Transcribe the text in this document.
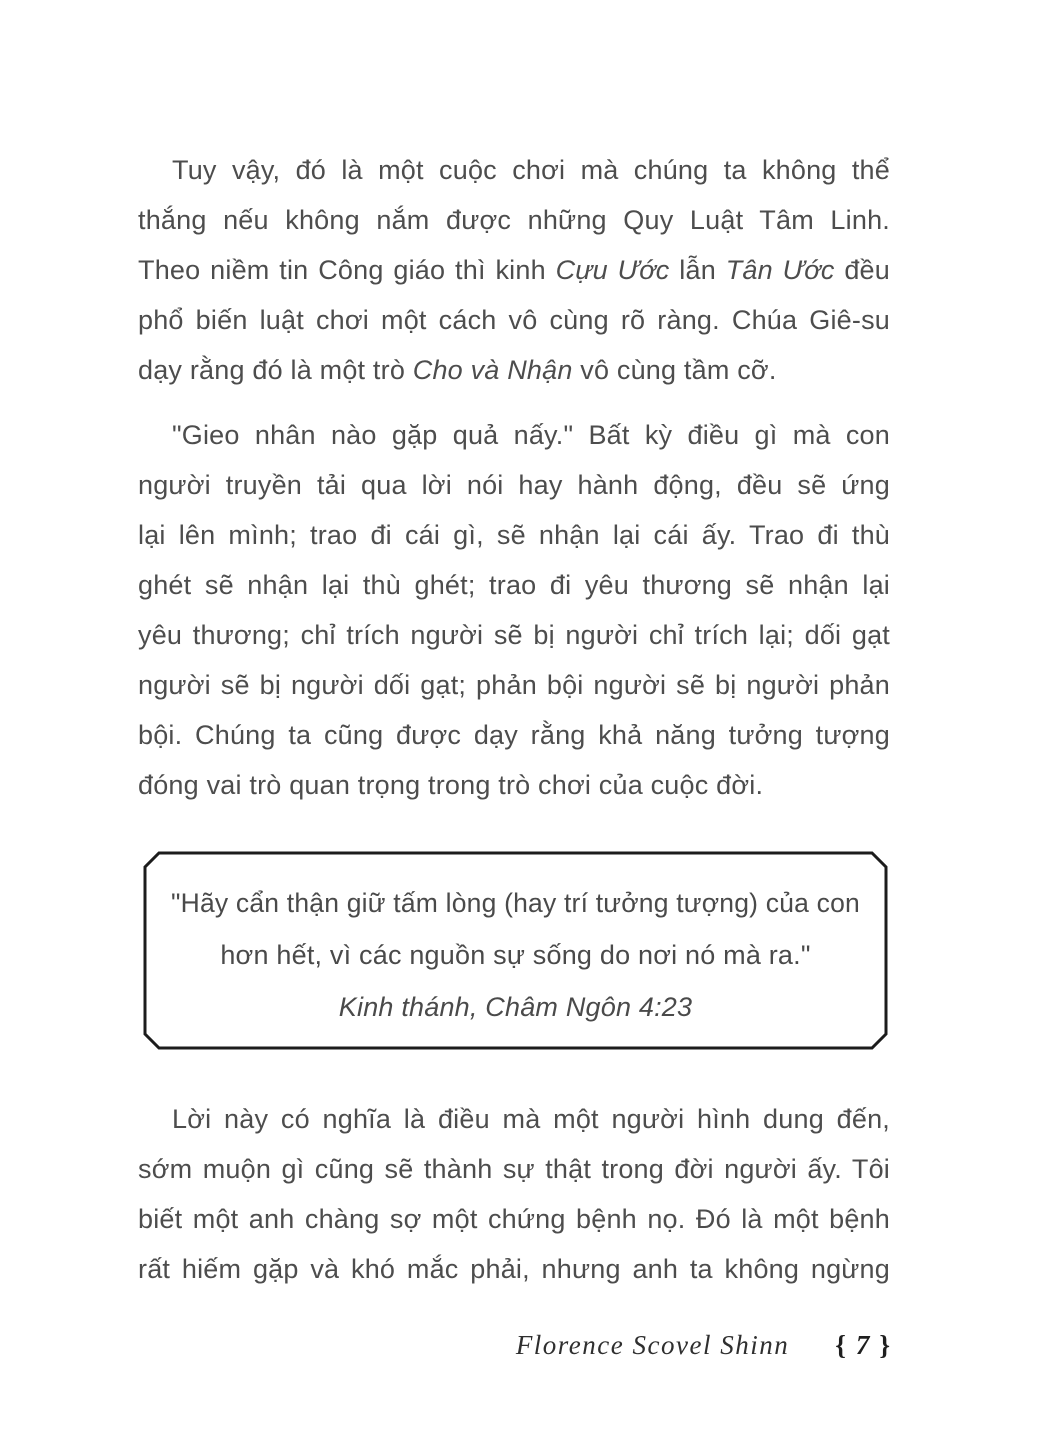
Tuy vậy, đó là một cuộc chơi mà chúng ta không thể
thắng nếu không nắm được những Quy Luật Tâm Linh.
Theo niềm tin Công giáo thì kinh Cựu Ước lẫn Tân Ước đều
phổ biến luật chơi một cách vô cùng rõ ràng. Chúa Giê-su
dạy rằng đó là một trò Cho và Nhận vô cùng tầm cỡ.
"Gieo nhân nào gặp quả nấy." Bất kỳ điều gì mà con
người truyền tải qua lời nói hay hành động, đều sẽ ứng
lại lên mình; trao đi cái gì, sẽ nhận lại cái ấy. Trao đi thù
ghét sẽ nhận lại thù ghét; trao đi yêu thương sẽ nhận lại
yêu thương; chỉ trích người sẽ bị người chỉ trích lại; dối gạt
người sẽ bị người dối gạt; phản bội người sẽ bị người phản
bội. Chúng ta cũng được dạy rằng khả năng tưởng tượng
đóng vai trò quan trọng trong trò chơi của cuộc đời.
"Hãy cẩn thận giữ tấm lòng (hay trí tưởng tượng) của con
hơn hết, vì các nguồn sự sống do nơi nó mà ra."
Kinh thánh, Châm Ngôn 4:23
Lời này có nghĩa là điều mà một người hình dung đến,
sớm muộn gì cũng sẽ thành sự thật trong đời người ấy. Tôi
biết một anh chàng sợ một chứng bệnh nọ. Đó là một bệnh
rất hiếm gặp và khó mắc phải, nhưng anh ta không ngừng
Florence Scovel Shinn { 7 }
